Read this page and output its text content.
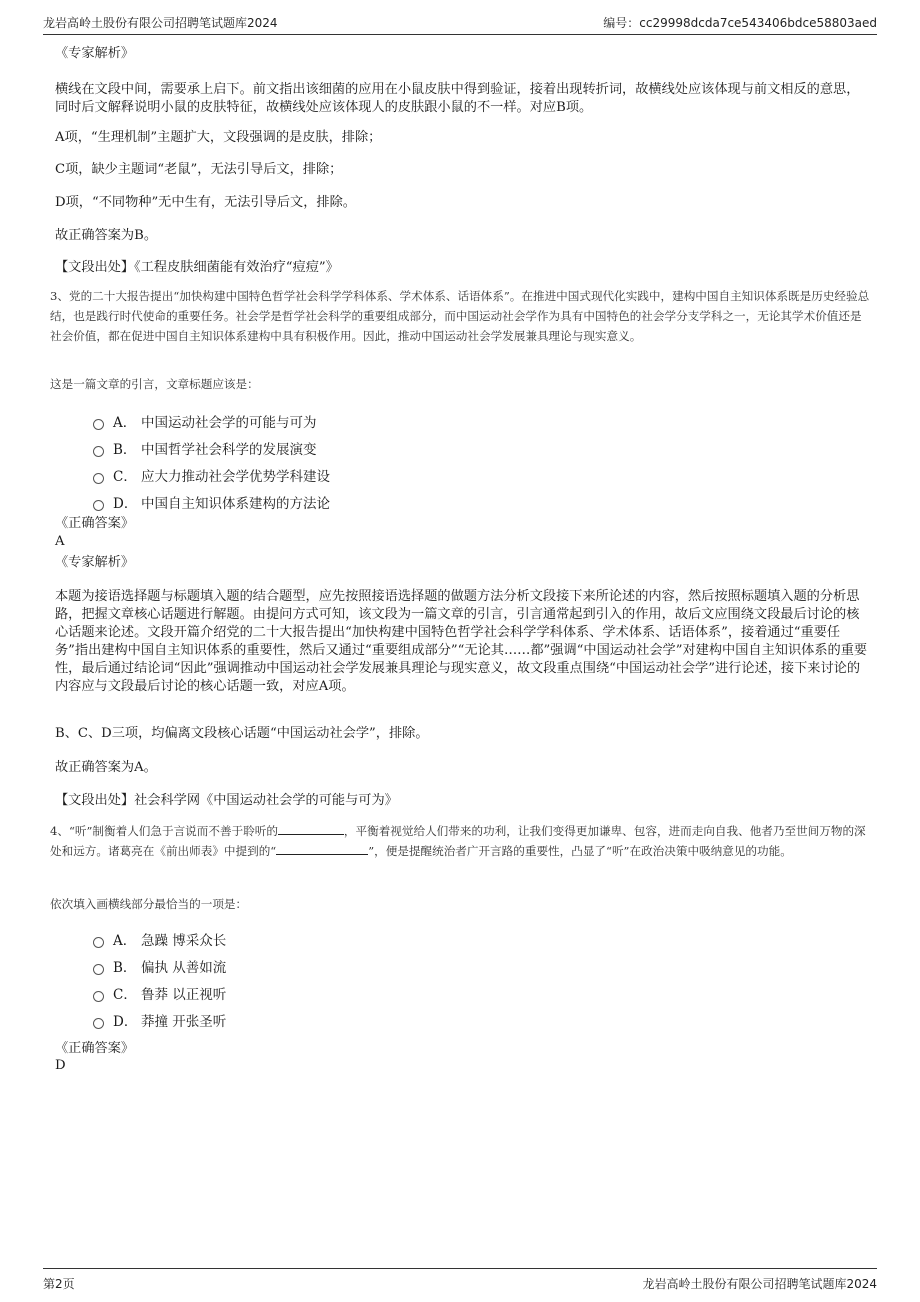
龙岩高岭土股份有限公司招聘笔试题库2024	编号：cc29998dcda7ce543406bdce58803aed
《专家解析》
横线在文段中间，需要承上启下。前文指出该细菌的应用在小鼠皮肤中得到验证，接着出现转折词，故横线处应该体现与前文相反的意思，同时后文解释说明小鼠的皮肤特征，故横线处应该体现人的皮肤跟小鼠的不一样。对应B项。
A项，“生理机制”主题扩大，文段强调的是皮肤，排除；
C项，缺少主题词“老鼠”，无法引导后文，排除；
D项，“不同物种”无中生有，无法引导后文，排除。
故正确答案为B。
【文段出处】《工程皮肤细菌能有效治疗“痘痘”》
3、党的二十大报告提出“加快构建中国特色哲学社会科学学科体系、学术体系、话语体系”。在推进中国式现代化实践中，建构中国自主知识体系既是历史经验总结，也是践行时代使命的重要任务。社会学是哲学社会科学的重要组成部分，而中国运动社会学作为具有中国特色的社会学分支学科之一，无论其学术价值还是社会价值，都在促进中国自主知识体系建构中具有积极作用。因此，推动中国运动社会学发展兼具理论与现实意义。
这是一篇文章的引言，文章标题应该是：
A． 中国运动社会学的可能与可为
B． 中国哲学社会科学的发展演变
C． 应大力推动社会学优势学科建设
D． 中国自主知识体系建构的方法论
《正确答案》
A
《专家解析》
本题为接语选择题与标题填入题的结合题型，应先按照接语选择题的做题方法分析文段接下来所论述的内容，然后按照标题填入题的分析思路，把握文章核心话题进行解题。由提问方式可知，该文段为一篇文章的引言，引言通常起到引入的作用，故后文应围绕文段最后讨论的核心话题来论述。文段开篇介绍党的二十大报告提出“加快构建中国特色哲学社会科学学科体系、学术体系、话语体系”，接着通过“重要任务”指出建构中国自主知识体系的重要性，然后又通过“重要组成部分”“无论其……都”强调“中国运动社会学”对建构中国自主知识体系的重要性，最后通过结论词“因此”强调推动中国运动社会学发展兼具理论与现实意义，故文段重点围绕“中国运动社会学”进行论述，接下来讨论的内容应与文段最后讨论的核心话题一致，对应A项。
B、C、D三项，均偏离文段核心话题“中国运动社会学”，排除。
故正确答案为A。
【文段出处】社会科学网《中国运动社会学的可能与可为》
4、“听”制衡着人们急于言说而不善于聆听的	，平衡着视觉给人们带来的功利，让我们变得更加谦卑、包容，进而走向自我、他者乃至世间万物的深处和远方。诸葛亮在《前出师表》中提到的“	”，便是提醒统治者广开言路的重要性，凸显了“听”在政治决策中吸纳意见的功能。
依次填入画横线部分最恰当的一项是：
A． 急躁 博采众长
B． 偏执 从善如流
C． 鲁莽 以正视听
D． 莽撞 开张圣听
《正确答案》
D
第2页	龙岩高岭土股份有限公司招聘笔试题库2024
